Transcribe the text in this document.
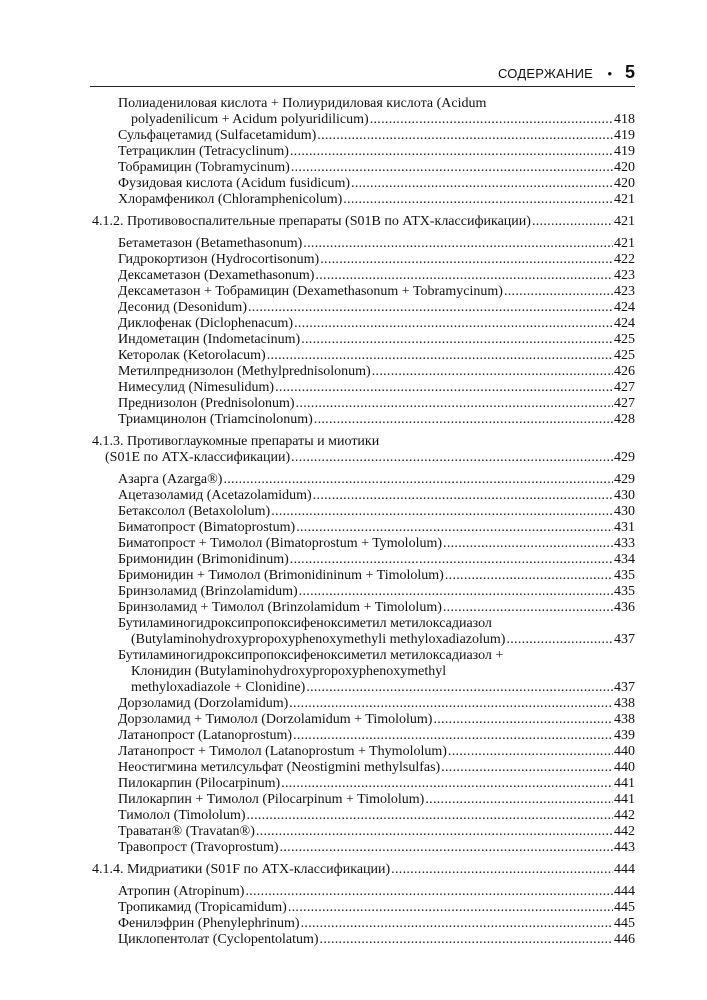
СОДЕРЖАНИЕ • 5
Полиадениловая кислота + Полиуридиловая кислота (Acidum
polyadenilicum + Acidum polyuridilicum) .....	418
Сульфацетамид (Sulfacetamidum) .....	419
Тетрациклин (Tetracyclinum) .....	419
Тобрамицин (Tobramycinum) .....	420
Фузидовая кислота (Acidum fusidicum) .....	420
Хлорамфеникол (Chloramphenicolum) .....	421
4.1.2. Противовоспалительные препараты (S01B по АТХ-классификации) .....	421
Бетаметазон (Betamethasonum) .....	421
Гидрокортизон (Hydrocortisonum) .....	422
Дексаметазон (Dexamethasonum) .....	423
Дексаметазон + Тобрамицин (Dexamethasonum + Tobramycinum) .....	423
Десонид (Desonidum) .....	424
Диклофенак (Diclophenacum) .....	424
Индометацин (Indometacinum) .....	425
Кеторолак (Ketorolacum) .....	425
Метилпреднизолон (Methylprednisolonum) .....	426
Нимесулид (Nimesulidum) .....	427
Преднизолон (Prednisolonum) .....	427
Триамцинолон (Triamcinolonum) .....	428
4.1.3. Противоглаукомные препараты и миотики
(S01E по АТХ-классификации) .....	429
Азарга (Azarga®) .....	429
Ацетазоламид (Acetazolamidum) .....	430
Бетаксолол (Betaxololum) .....	430
Биматопрост (Bimatoprostum) .....	431
Биматопрост + Тимолол (Bimatoprostum + Tymololum) .....	433
Бримонидин (Brimonidinum) .....	434
Бримонидин + Тимолол (Brimonidininum + Timololum) .....	435
Бринзоламид (Brinzolamidum) .....	435
Бринзоламид + Тимолол (Brinzolamidum + Timololum) .....	436
Бутиламиногидроксипропоксифеноксиметил метилоксадиазол
(Butylaminohydroxypropoxyphenoxymethyli methyloxadiazolum) .....	437
Бутиламиногидроксипропоксифеноксиметил метилоксадиазол +
Клонидин (Butylaminohydroxypropoxyphenoxymethyl
methyloxadiazole + Clonidine) .....	437
Дорзоламид (Dorzolamidum) .....	438
Дорзоламид + Тимолол (Dorzolamidum + Timololum) .....	438
Латанопрост (Latanoprostum) .....	439
Латанопрост + Тимолол (Latanoprostum + Thymololum) .....	440
Неостигмина метилсульфат (Neostigmini methylsulfas) .....	440
Пилокарпин (Pilocarpinum) .....	441
Пилокарпин + Тимолол (Pilocarpinum + Timololum) .....	441
Тимолол (Timololum) .....	442
Траватан® (Travatan®) .....	442
Травопрост (Travoprostum) .....	443
4.1.4. Мидриатики (S01F по АТХ-классификации) .....	444
Атропин (Atropinum) .....	444
Тропикамид (Tropicamidum) .....	445
Фенилэфрин (Phenylephrinum) .....	445
Циклопентолат (Cyclopentolatum) .....	446
